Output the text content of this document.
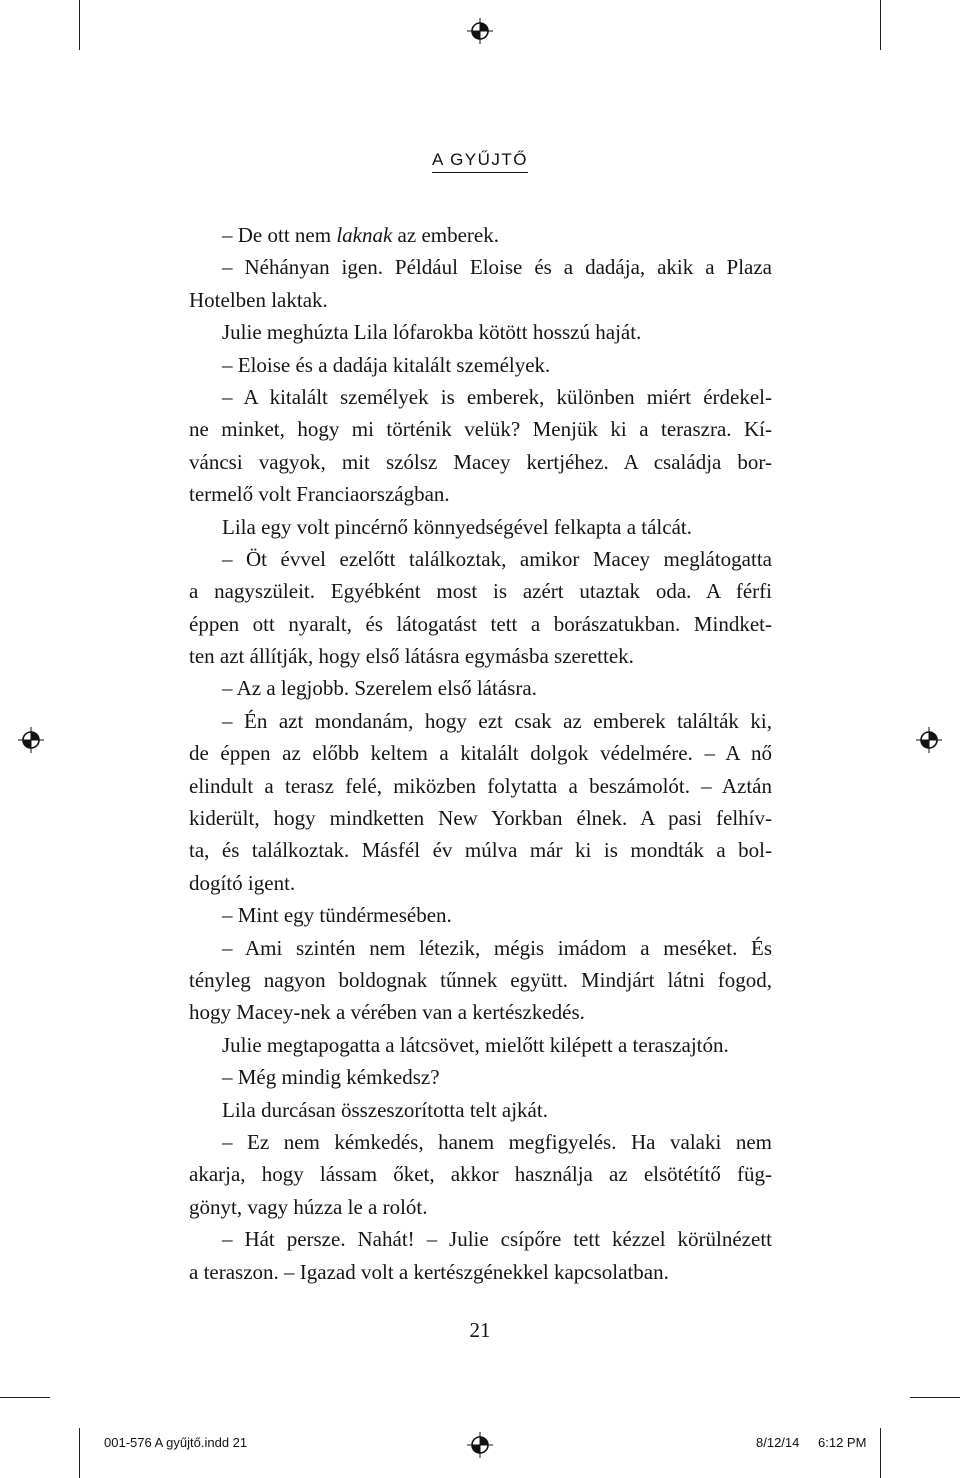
A GYŰJTŐ
– De ott nem laknak az emberek.
– Néhányan igen. Például Eloise és a dadája, akik a Plaza
Hotelben laktak.
Julie meghúzta Lila lófarokba kötött hosszú haját.
– Eloise és a dadája kitalált személyek.
– A kitalált személyek is emberek, különben miért érdekel-
ne minket, hogy mi történik velük? Menjük ki a teraszra. Kí-
váncsi vagyok, mit szólsz Macey kertjéhez. A családja bor-
termelő volt Franciaországban.
Lila egy volt pincérnő könnyedségével felkapta a tálcát.
– Öt évvel ezelőtt találkoztak, amikor Macey meglátogatta
a nagyszüleit. Egyébként most is azért utaztak oda. A férfi
éppen ott nyaralt, és látogatást tett a borászatukban. Mindket-
ten azt állítják, hogy első látásra egymásba szerettek.
– Az a legjobb. Szerelem első látásra.
– Én azt mondanám, hogy ezt csak az emberek találták ki,
de éppen az előbb keltem a kitalált dolgok védelmére. – A nő
elindult a terasz felé, miközben folytatta a beszámolót. – Aztán
kiderült, hogy mindketten New Yorkban élnek. A pasi felhív-
ta, és találkoztak. Másfél év múlva már ki is mondták a bol-
dogító igent.
– Mint egy tündérmesében.
– Ami szintén nem létezik, mégis imádom a meséket. És
tényleg nagyon boldognak tűnnek együtt. Mindjárt látni fogod,
hogy Macey-nek a vérében van a kertészkedés.
Julie megtapogatta a látcsövet, mielőtt kilépett a teraszajtón.
– Még mindig kémkedsz?
Lila durcásan összeszorította telt ajkát.
– Ez nem kémkedés, hanem megfigyelés. Ha valaki nem
akarja, hogy lássam őket, akkor használja az elsötétítő füg-
gönyt, vagy húzza le a rolót.
– Hát persze. Nahát! – Julie csípőre tett kézzel körülnézett
a teraszon. – Igazad volt a kertészgénekkel kapcsolatban.
21
001-576 A gyűjtő.indd 21	8/12/14 6:12 PM
